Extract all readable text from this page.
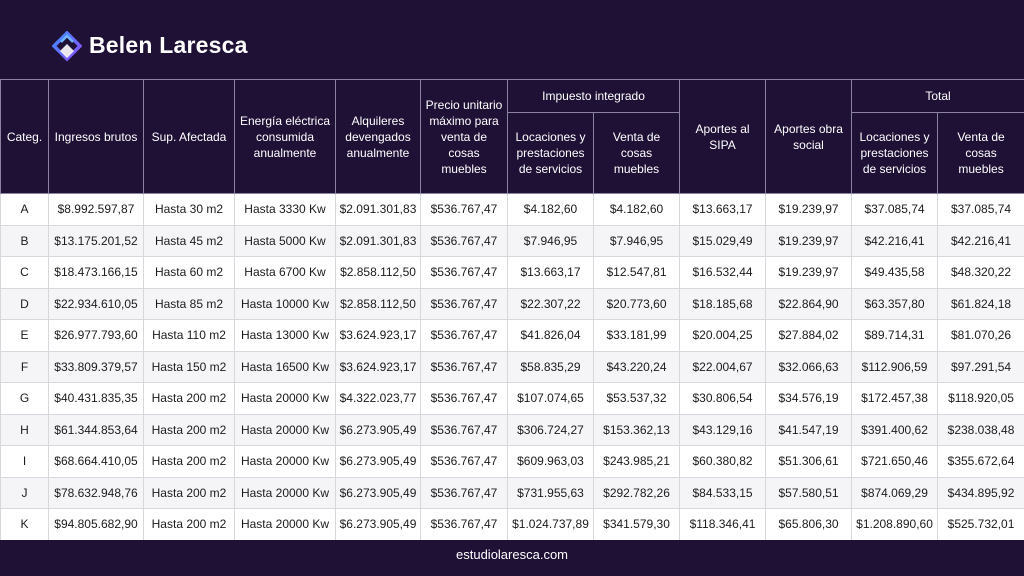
Belen Laresca
Categ.	Ingresos brutos	Sup. Afectada	Energía eléctrica consumida anualmente	Alquileres devengados anualmente	Precio unitario máximo para venta de cosas muebles	Impuesto integrado		Aportes al SIPA	Aportes obra social	Total	
						Locaciones y prestaciones de servicios	Venta de cosas muebles			Locaciones y prestaciones de servicios	Venta de cosas muebles
A	$8.992.597,87	Hasta 30 m2	Hasta 3330 Kw	$2.091.301,83	$536.767,47	$4.182,60	$4.182,60	$13.663,17	$19.239,97	$37.085,74	$37.085,74
B	$13.175.201,52	Hasta 45 m2	Hasta 5000 Kw	$2.091.301,83	$536.767,47	$7.946,95	$7.946,95	$15.029,49	$19.239,97	$42.216,41	$42.216,41
C	$18.473.166,15	Hasta 60 m2	Hasta 6700 Kw	$2.858.112,50	$536.767,47	$13.663,17	$12.547,81	$16.532,44	$19.239,97	$49.435,58	$48.320,22
D	$22.934.610,05	Hasta 85 m2	Hasta 10000 Kw	$2.858.112,50	$536.767,47	$22.307,22	$20.773,60	$18.185,68	$22.864,90	$63.357,80	$61.824,18
E	$26.977.793,60	Hasta 110 m2	Hasta 13000 Kw	$3.624.923,17	$536.767,47	$41.826,04	$33.181,99	$20.004,25	$27.884,02	$89.714,31	$81.070,26
F	$33.809.379,57	Hasta 150 m2	Hasta 16500 Kw	$3.624.923,17	$536.767,47	$58.835,29	$43.220,24	$22.004,67	$32.066,63	$112.906,59	$97.291,54
G	$40.431.835,35	Hasta 200 m2	Hasta 20000 Kw	$4.322.023,77	$536.767,47	$107.074,65	$53.537,32	$30.806,54	$34.576,19	$172.457,38	$118.920,05
H	$61.344.853,64	Hasta 200 m2	Hasta 20000 Kw	$6.273.905,49	$536.767,47	$306.724,27	$153.362,13	$43.129,16	$41.547,19	$391.400,62	$238.038,48
I	$68.664.410,05	Hasta 200 m2	Hasta 20000 Kw	$6.273.905,49	$536.767,47	$609.963,03	$243.985,21	$60.380,82	$51.306,61	$721.650,46	$355.672,64
J	$78.632.948,76	Hasta 200 m2	Hasta 20000 Kw	$6.273.905,49	$536.767,47	$731.955,63	$292.782,26	$84.533,15	$57.580,51	$874.069,29	$434.895,92
K	$94.805.682,90	Hasta 200 m2	Hasta 20000 Kw	$6.273.905,49	$536.767,47	$1.024.737,89	$341.579,30	$118.346,41	$65.806,30	$1.208.890,60	$525.732,01
estudiolaresca.com
